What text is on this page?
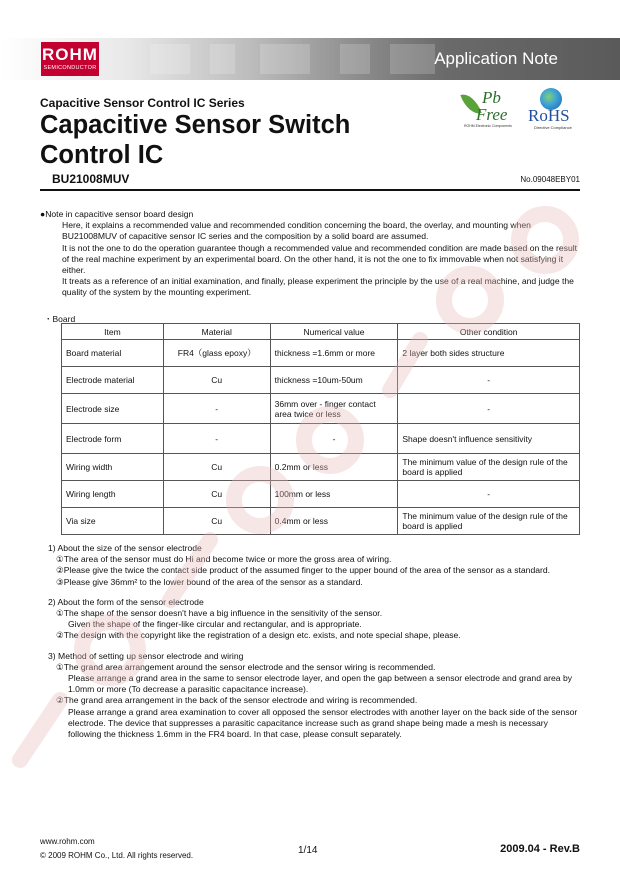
ROHM
SEMICONDUCTOR	Application Note
Pb
Free
ROHM Electronic Components
RoHS
Directive Compliance
Capacitive Sensor Control IC Series
Capacitive Sensor Switch
Control IC
BU21008MUV	No.09048EBY01

●Note in capacitive sensor board design

Here, it explains a recommended value and recommended condition concerning the board, the overlay, and mounting when BU21008MUV of capacitive sensor IC series and the composition by a solid board are assumed.

It is not the one to do the operation guarantee though a recommended value and recommended condition are made based on the result of the real machine experiment by an experimental board. On the other hand, it is not the one to fix immovable when not satisfying it either.

It treats as a reference of an initial examination, and finally, please experiment the principle by the use of a real machine, and judge the quality of the system by the mounting experiment.

・Board
Item	Material	Numerical value	Other condition
Board material	FR4（glass epoxy）	thickness =1.6mm or more	2 layer both sides structure
Electrode material	Cu	thickness =10um-50um	-
Electrode size	-	36mm over - finger contact area twice or less	-
Electrode form	-	-	Shape doesn't influence sensitivity
Wiring width	Cu	0.2mm or less	The minimum value of the design rule of the board is applied
Wiring length	Cu	100mm or less	-
Via size	Cu	0.4mm or less	The minimum value of the design rule of the board is applied

1) About the size of the sensor electrode

①The area of the sensor must do Hi and become twice or more the gross area of wiring.

②Please give the twice the contact side product of the assumed finger to the upper bound of the area of the sensor as a standard.

③Please give 36mm² to the lower bound of the area of the sensor as a standard.

2) About the form of the sensor electrode

①The shape of the sensor doesn't have a big influence in the sensitivity of the sensor.

Given the shape of the finger-like circular and rectangular, and is appropriate.

②The design with the copyright like the registration of a design etc. exists, and note special shape, please.

3) Method of setting up sensor electrode and wiring

①The grand area arrangement around the sensor electrode and the sensor wiring is recommended.

Please arrange a grand area in the same to sensor electrode layer, and open the gap between a sensor electrode and grand area by 1.0mm or more (To decrease a parasitic capacitance increase).

②The grand area arrangement in the back of the sensor electrode and wiring is recommended.

Please arrange a grand area examination to cover all opposed the sensor electrodes with another layer on the back side of the sensor electrode. The device that suppresses a parasitic capacitance increase such as grand shape being made a mesh is necessary following the thickness 1.6mm in the FR4 board. In that case, please consult separately.

www.rohm.com
© 2009 ROHM Co., Ltd. All rights reserved.	1/14	2009.04 - Rev.B
